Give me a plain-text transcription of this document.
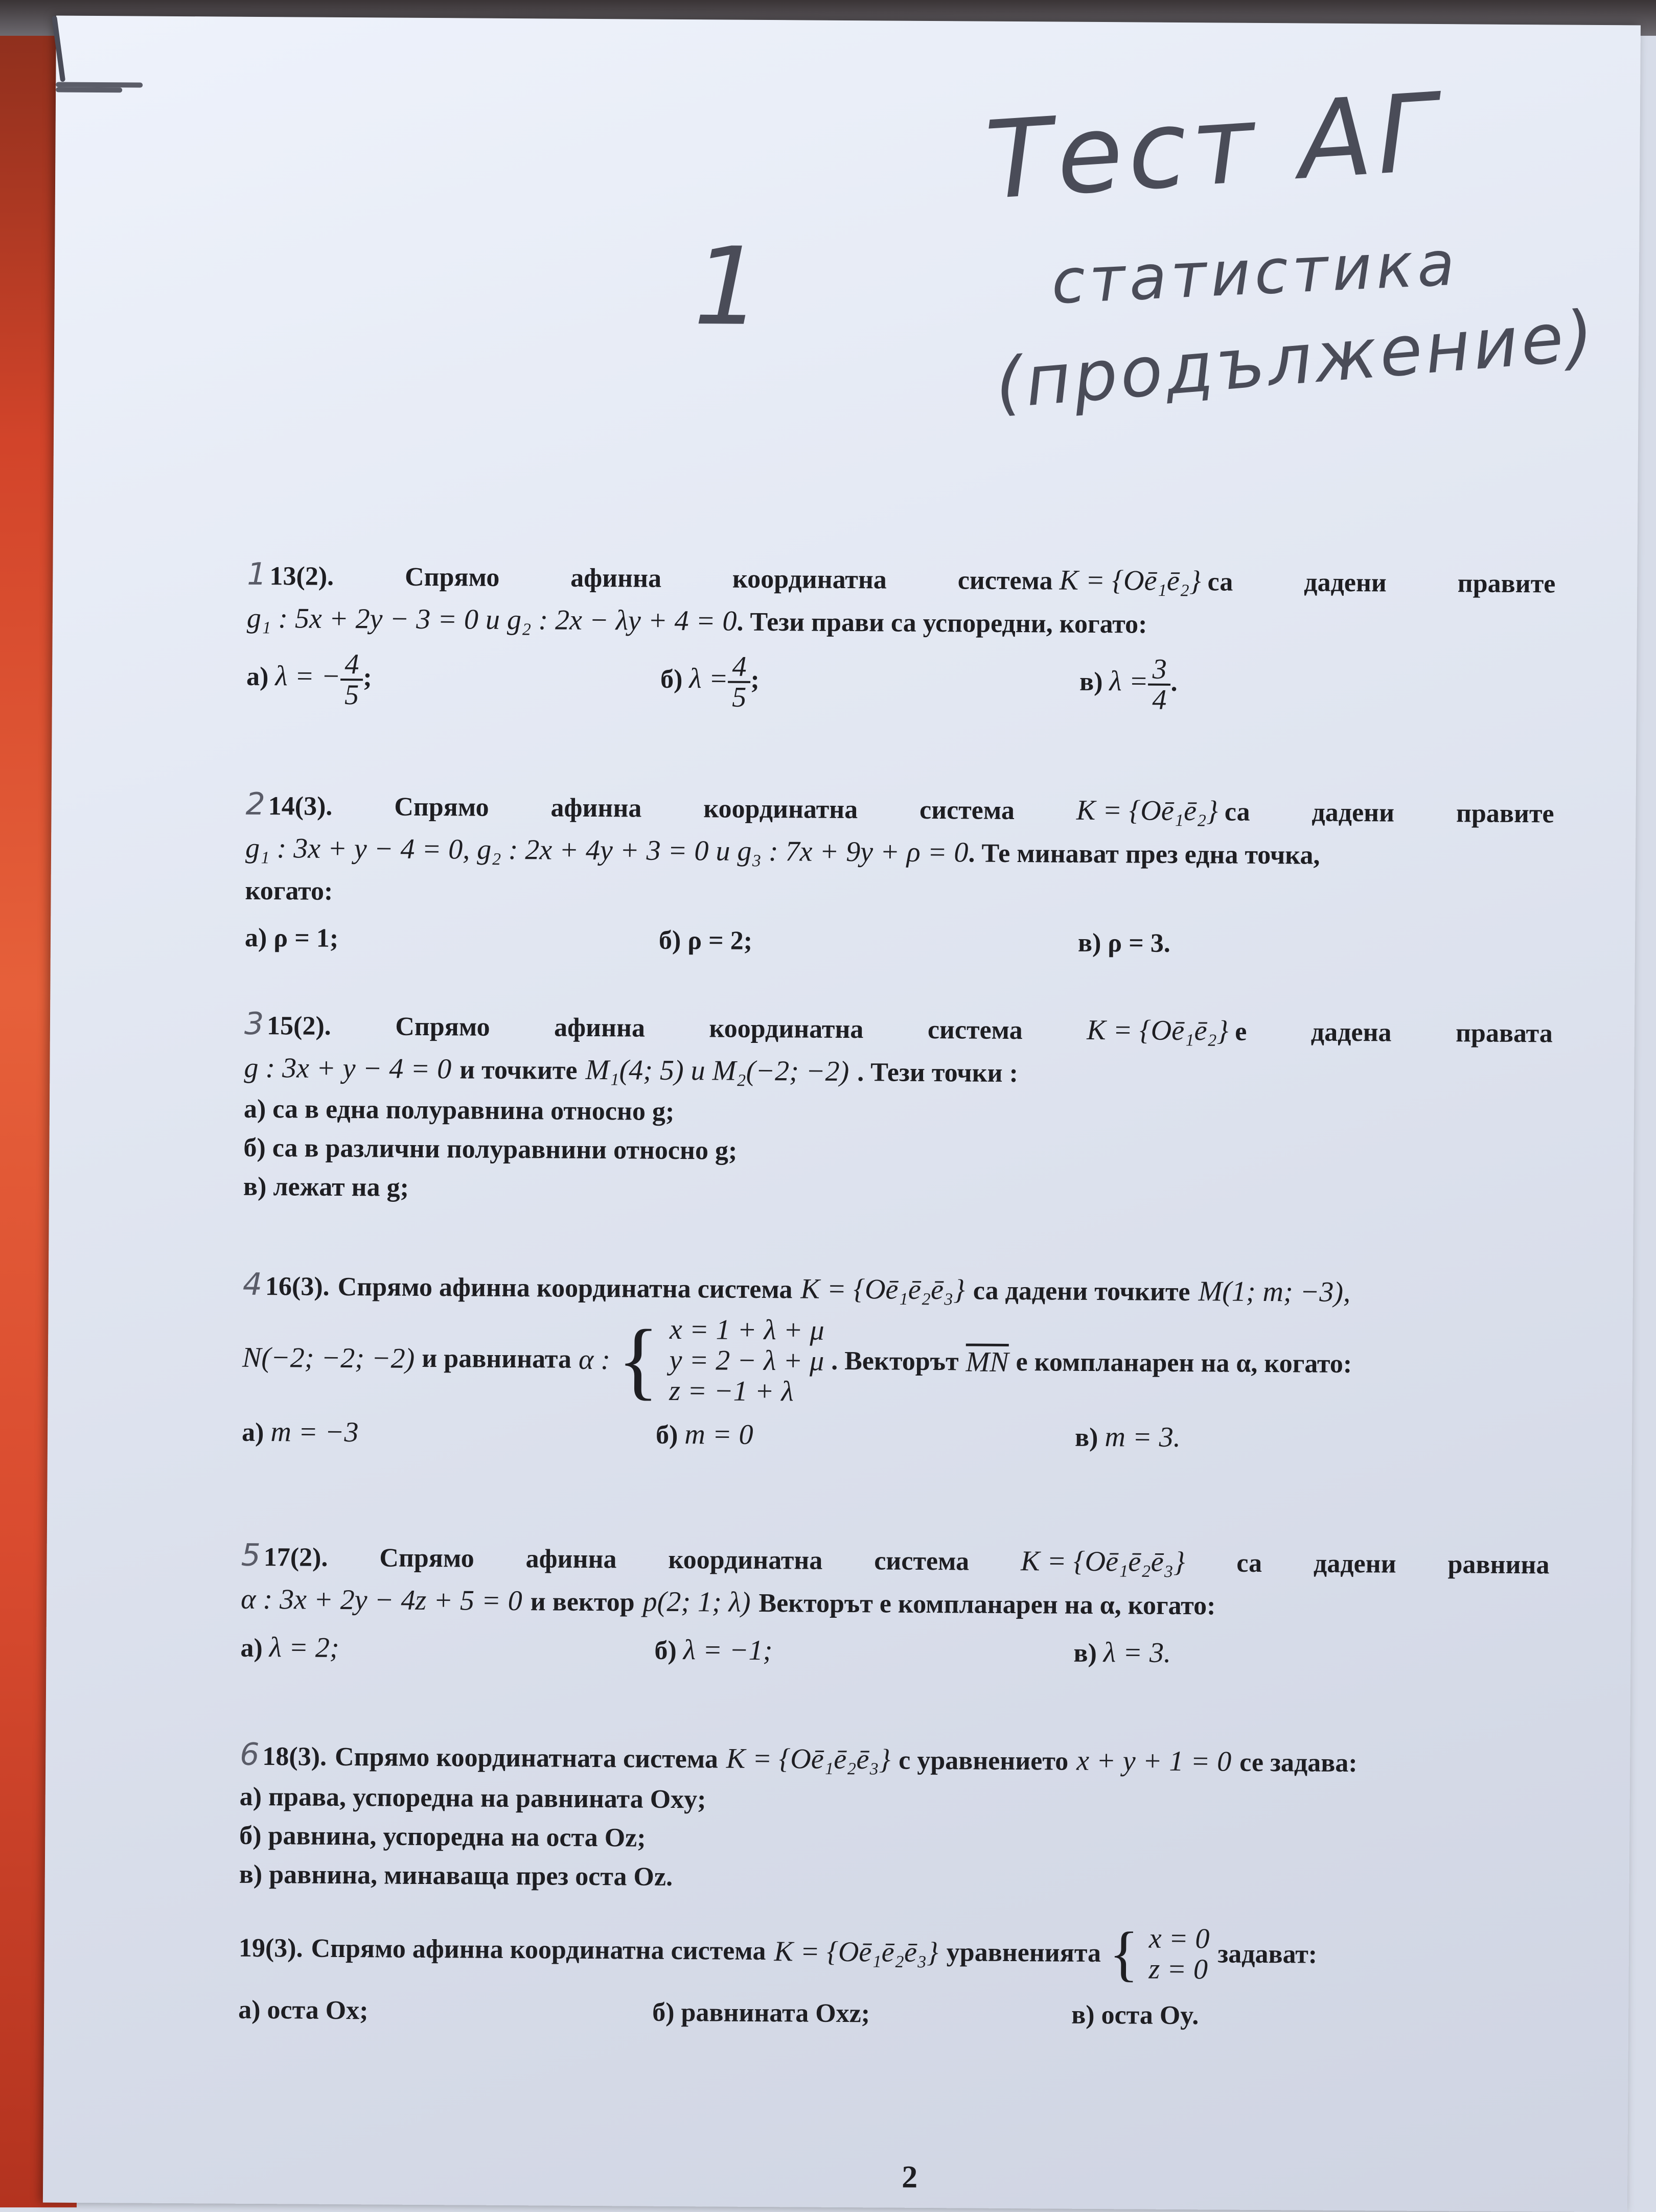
Тест АГ
1	статистика
(продължение)
1 13(2).	Спрямо	афинна	координатна	система K = {Oē₁ē₂} са	дадени	правите
g₁ : 5x + 2y − 3 = 0 и g₂ : 2x − λy + 4 = 0 . Тези прави са успоредни, когато:
а) λ = − $\frac{4}{5}$ ;	б) $\lambda = \frac{4}{5}$ ;	в) $\lambda = \frac{3}{4}$ .
2 14(3). Спрямо афинна координатна система K = {Oē₁ē₂} са дадени правите
g₁ : 3x + y − 4 = 0, g₂ : 2x + 4y + 3 = 0 и g₃ : 7x + 9y + ρ = 0 . Те минават през една точка,
когато:
а) ρ = 1;	б) ρ = 2;	в) ρ = 3.
3 15(2). Спрямо афинна координатна система K = {Oē₁ē₂} е дадена правата
g : 3x + y − 4 = 0 и точките M₁(4; 5) и M₂(−2; −2) . Тези точки :
а) са в една полуравнина относно g;
б) са в различни полуравнини относно g;
в) лежат на g;
4 16(3). Спрямо афинна координатна система K = {Oē₁ē₂ē₃} са дадени точките M(1; m; −3),
N(−2; −2; −2) и равнината α : { x = 1 + λ + μ
y = 2 − λ + μ
z = −1 + λ
. Векторът $\overline{MN}$ е компланарен на α, когато:
а) m = −3	б) m = 0	в) m = 3.
5 17(2). Спрямо афинна координатна система K = {Oē₁ē₂ē₃} са дадени равнина
α : 3x + 2y − 4z + 5 = 0 и вектор p(2; 1; λ) Векторът е компланарен на α, когато:
а) λ = 2;	б) λ = −1;	в) λ = 3.
6 18(3). Спрямо координатната система K = {Oē₁ē₂ē₃} с уравнението x + y + 1 = 0 се задава:
а) права, успоредна на равнината Oxy;
б) равнина, успоредна на оста Oz;
в) равнина, минаваща през оста Oz.
19(3). Спрямо афинна координатна система K = {Oē₁ē₂ē₃} уравненията { x = 0
z = 0 задават:
а) оста Ox;	б) равнината Oxz;	в) оста Oy.
2
